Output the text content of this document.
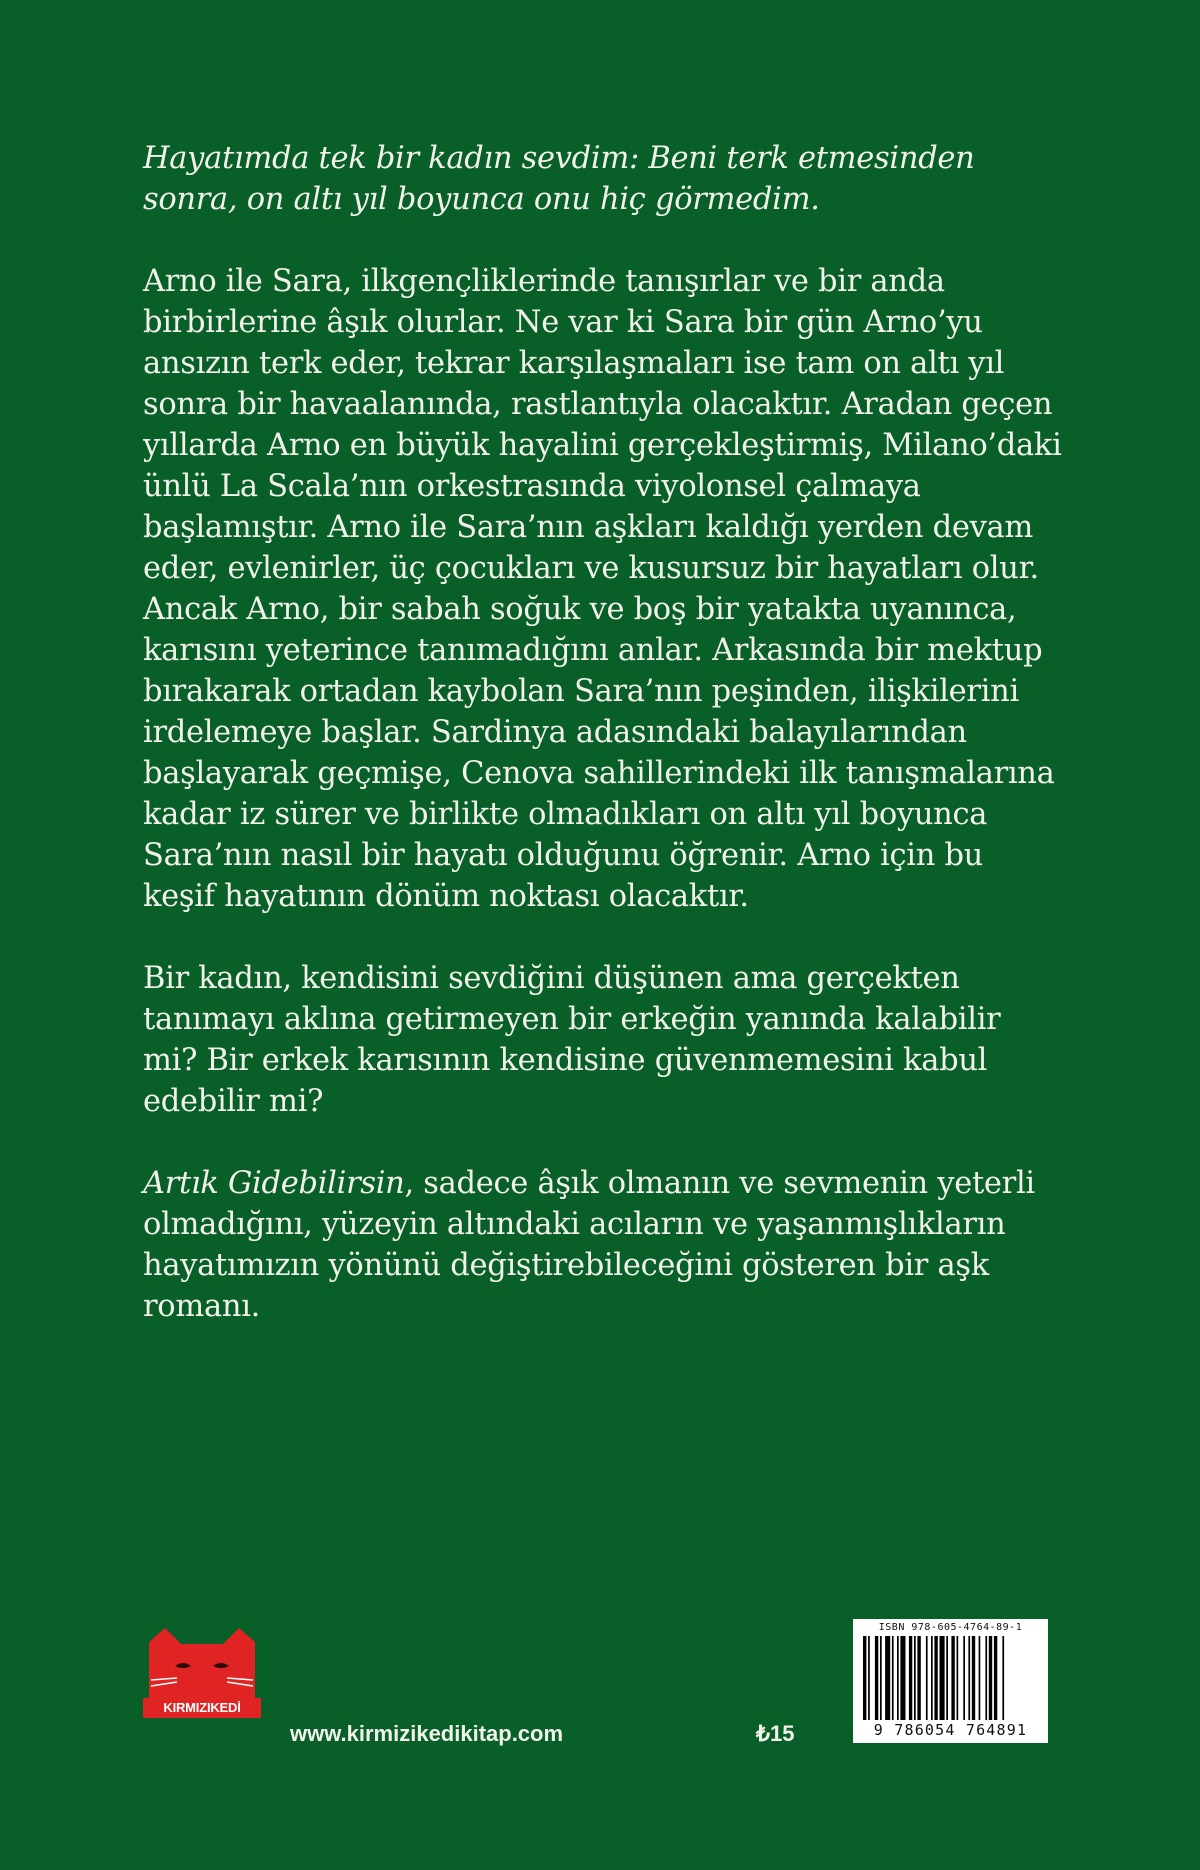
Hayatımda tek bir kadın sevdim: Beni terk etmesinden sonra, on altı yıl boyunca onu hiç görmedim.

Arno ile Sara, ilkgençliklerinde tanışırlar ve bir anda birbirlerine âşık olurlar. Ne var ki Sara bir gün Arno’yu ansızın terk eder, tekrar karşılaşmaları ise tam on altı yıl sonra bir havaalanında, rastlantıyla olacaktır. Aradan geçen yıllarda Arno en büyük hayalini gerçekleştirmiş, Milano’daki ünlü La Scala’nın orkestrasında viyolonsel çalmaya başlamıştır. Arno ile Sara’nın aşkları kaldığı yerden devam eder, evlenirler, üç çocukları ve kusursuz bir hayatları olur. Ancak Arno, bir sabah soğuk ve boş bir yatakta uyanınca, karısını yeterince tanımadığını anlar. Arkasında bir mektup bırakarak ortadan kaybolan Sara’nın peşinden, ilişkilerini irdelemeye başlar. Sardinya adasındaki balayılarından başlayarak geçmişe, Cenova sahillerindeki ilk tanışmalarına kadar iz sürer ve birlikte olmadıkları on altı yıl boyunca Sara’nın nasıl bir hayatı olduğunu öğrenir. Arno için bu keşif hayatının dönüm noktası olacaktır.

Bir kadın, kendisini sevdiğini düşünen ama gerçekten tanımayı aklına getirmeyen bir erkeğin yanında kalabilir mi? Bir erkek karısının kendisine güvenmemesini kabul edebilir mi?

Artık Gidebilirsin, sadece âşık olmanın ve sevmenin yeterli olmadığını, yüzeyin altındaki acıların ve yaşanmışlıkların hayatımızın yönünü değiştirebileceğini gösteren bir aşk romanı.

KIRMIZIKEDİ
www.kirmizikedikitap.com	₺15
ISBN 978-605-4764-89-1
9 786054 764891
